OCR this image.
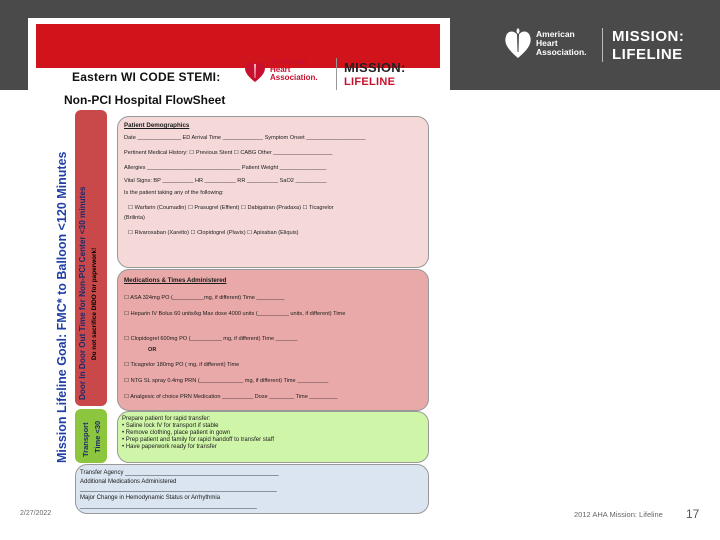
American
Heart
Association.
MISSION:
LIFELINE
Eastern WI CODE STEMI:
Non-PCI Hospital FlowSheet
American
Heart
Association.
MISSION:
LIFELINE
Mission Lifeline Goal: FMC* to Balloon <120 Minutes Door In Door Out Time for Non-PCI Center <30 minutes Do not sacrifice DIDO for paperwork!
Transport Time <30
Patient Demographics
Date ______________ ED Arrival Time _____________ Symptom Onset ___________________
Pertinent Medical History: ☐ Previous Stent ☐ CABG Other ___________________
Allergies ______________________________ Patient Weight _______________
Vital Signs: BP __________ HR __________ RR __________ SaO2 __________
Is the patient taking any of the following:
☐ Warfarin (Coumadin) ☐ Prasugrel (Effient) ☐ Dabigatran (Pradaxa) ☐ Ticagrelor
(Brilinta)
☐ Rivaroxaban (Xarelto) ☐ Clopidogrel (Plavix) ☐ Apixaban (Eliquis)
Medications & Times Administered
☐ ASA 324mg PO (__________mg, if different) Time _________
☐ Heparin IV Bolus 60 units/kg Max dose 4000 units (__________ units, if different) Time
☐ Clopidogrel 600mg PO (__________ mg, if different) Time _______
OR
☐ Ticagrelor 180mg PO ( mg, if different) Time
☐ NTG SL spray 0.4mg PRN (______________ mg, if different) Time __________
☐ Analgesic of choice PRN Medication __________ Dose ________ Time _________
Prepare patient for rapid transfer:
• Saline lock IV for transport if stable
• Remove clothing, place patient in gown
• Prep patient and family for rapid handoff to transfer staff
• Have paperwork ready for transfer
Transfer Agency ______________________________________________
Additional Medications Administered
___________________________________________________________
Major Change in Hemodynamic Status or Arrhythmia
_____________________________________________________
2/27/2022	2012 AHA Mission: Lifeline 17
